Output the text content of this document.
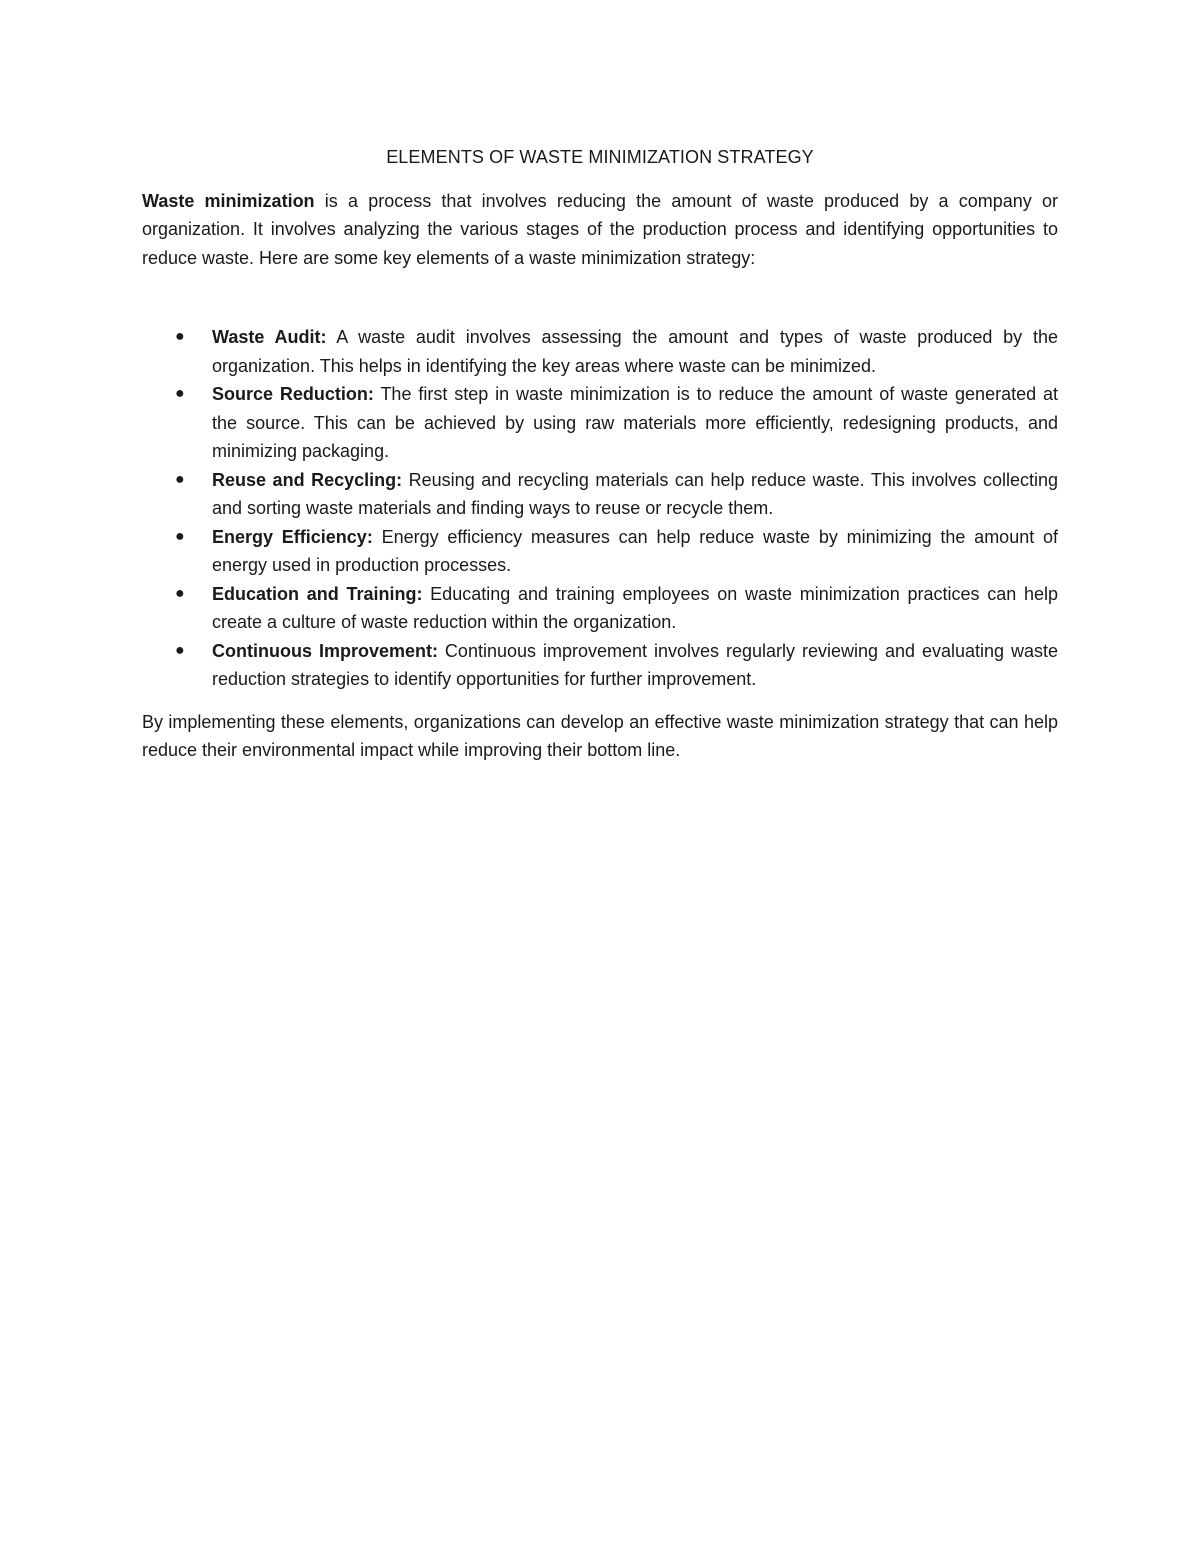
ELEMENTS OF WASTE MINIMIZATION STRATEGY

Waste minimization is a process that involves reducing the amount of waste produced by a company or organization. It involves analyzing the various stages of the production process and identifying opportunities to reduce waste. Here are some key elements of a waste minimization strategy:

● Waste Audit: A waste audit involves assessing the amount and types of waste produced by the organization. This helps in identifying the key areas where waste can be minimized.
● Source Reduction: The first step in waste minimization is to reduce the amount of waste generated at the source. This can be achieved by using raw materials more efficiently, redesigning products, and minimizing packaging.
● Reuse and Recycling: Reusing and recycling materials can help reduce waste. This involves collecting and sorting waste materials and finding ways to reuse or recycle them.
● Energy Efficiency: Energy efficiency measures can help reduce waste by minimizing the amount of energy used in production processes.
● Education and Training: Educating and training employees on waste minimization practices can help create a culture of waste reduction within the organization.
● Continuous Improvement: Continuous improvement involves regularly reviewing and evaluating waste reduction strategies to identify opportunities for further improvement.

By implementing these elements, organizations can develop an effective waste minimization strategy that can help reduce their environmental impact while improving their bottom line.
